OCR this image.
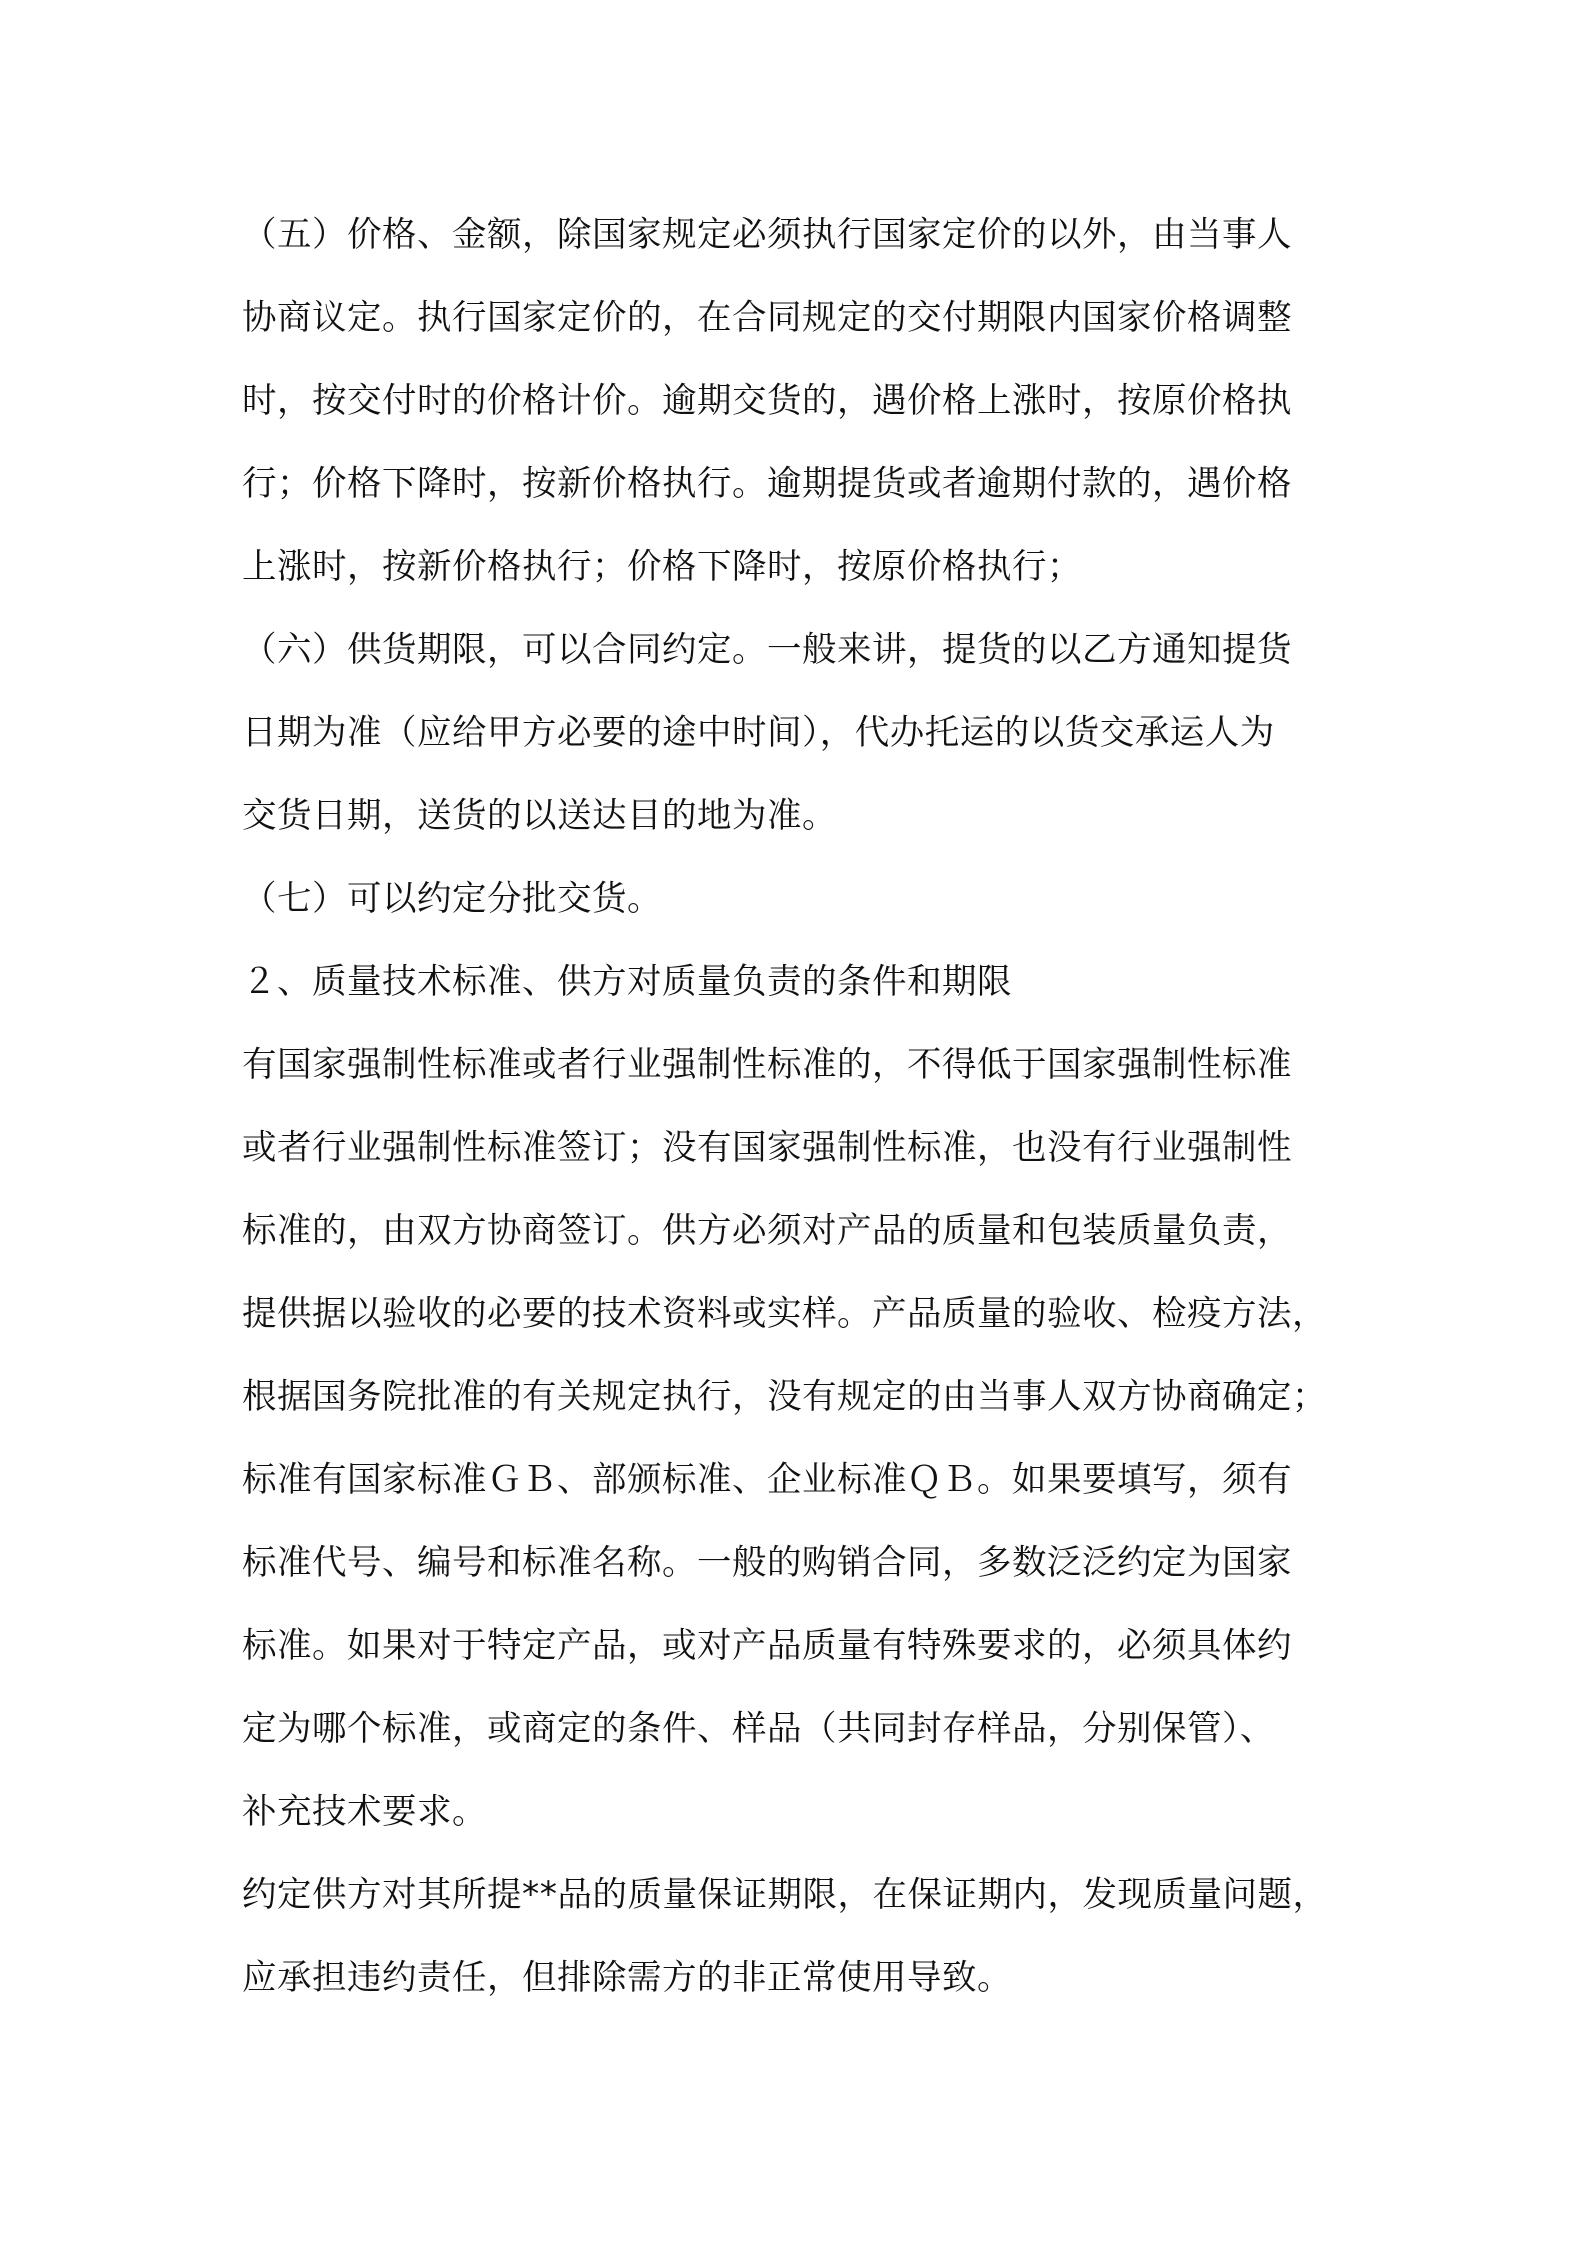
（五）价格、金额，除国家规定必须执行国家定价的以外，由当事人
协商议定。执行国家定价的，在合同规定的交付期限内国家价格调整
时，按交付时的价格计价。逾期交货的，遇价格上涨时，按原价格执
行；价格下降时，按新价格执行。逾期提货或者逾期付款的，遇价格
上涨时，按新价格执行；价格下降时，按原价格执行；
（六）供货期限，可以合同约定。一般来讲，提货的以乙方通知提货
日期为准（应给甲方必要的途中时间），代办托运的以货交承运人为
交货日期，送货的以送达目的地为准。
（七）可以约定分批交货。
２、质量技术标准、供方对质量负责的条件和期限
有国家强制性标准或者行业强制性标准的，不得低于国家强制性标准
或者行业强制性标准签订；没有国家强制性标准，也没有行业强制性
标准的，由双方协商签订。供方必须对产品的质量和包装质量负责，
提供据以验收的必要的技术资料或实样。产品质量的验收、检疫方法，
根据国务院批准的有关规定执行，没有规定的由当事人双方协商确定；
标准有国家标准ＧＢ、部颁标准、企业标准ＱＢ。如果要填写，须有
标准代号、编号和标准名称。一般的购销合同，多数泛泛约定为国家
标准。如果对于特定产品，或对产品质量有特殊要求的，必须具体约
定为哪个标准，或商定的条件、样品（共同封存样品，分别保管）、
补充技术要求。
约定供方对其所提**品的质量保证期限，在保证期内，发现质量问题，
应承担违约责任，但排除需方的非正常使用导致。
